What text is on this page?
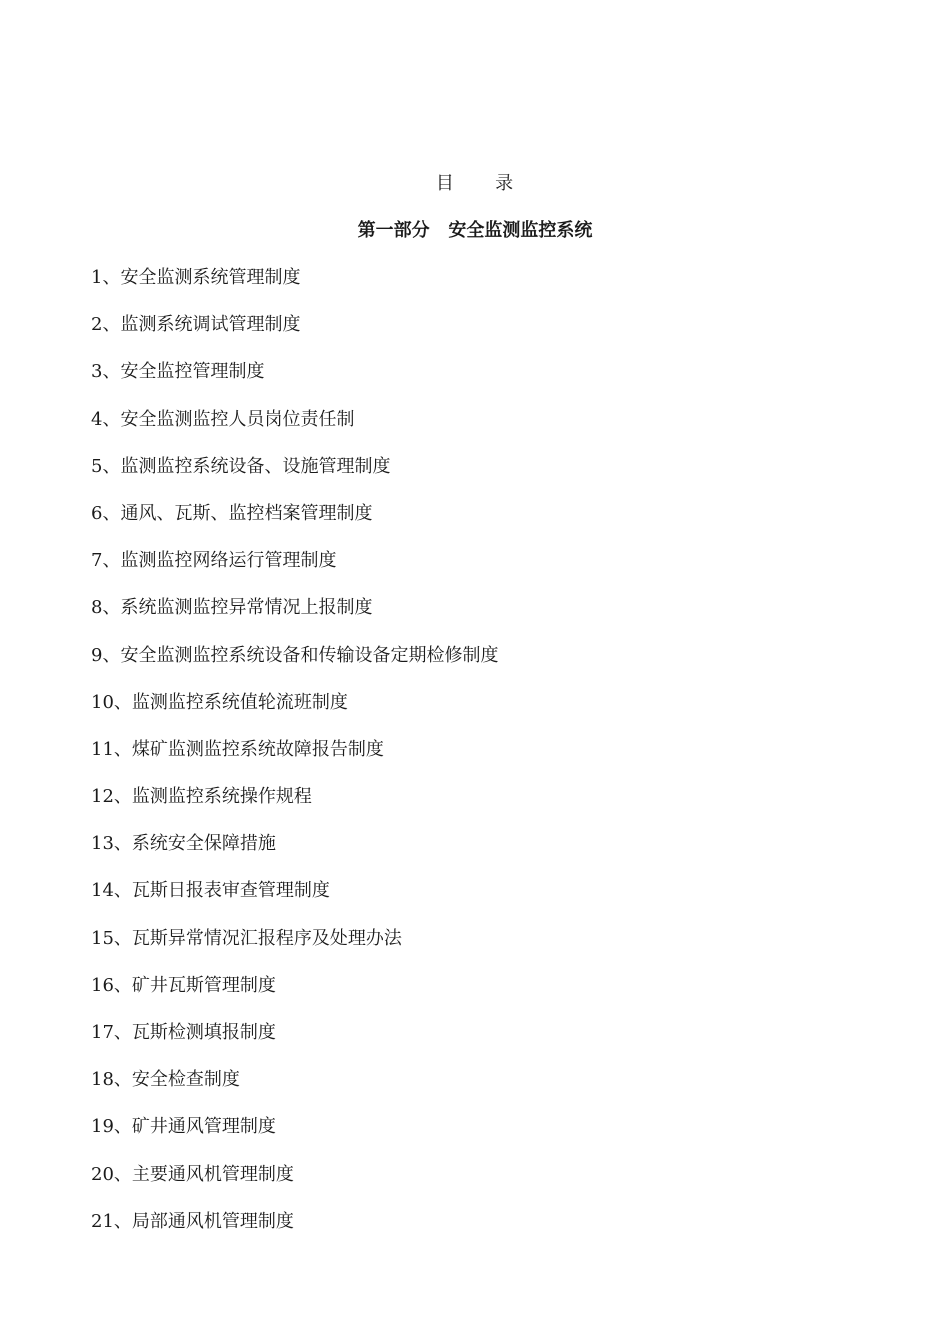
目      录
第一部分   安全监测监控系统
1、安全监测系统管理制度
2、监测系统调试管理制度
3、安全监控管理制度
4、安全监测监控人员岗位责任制
5、监测监控系统设备、设施管理制度
6、通风、瓦斯、监控档案管理制度
7、监测监控网络运行管理制度
8、系统监测监控异常情况上报制度
9、安全监测监控系统设备和传输设备定期检修制度
10、监测监控系统值轮流班制度
11、煤矿监测监控系统故障报告制度
12、监测监控系统操作规程
13、系统安全保障措施
14、瓦斯日报表审查管理制度
15、瓦斯异常情况汇报程序及处理办法
16、矿井瓦斯管理制度
17、瓦斯检测填报制度
18、安全检查制度
19、矿井通风管理制度
20、主要通风机管理制度
21、局部通风机管理制度
